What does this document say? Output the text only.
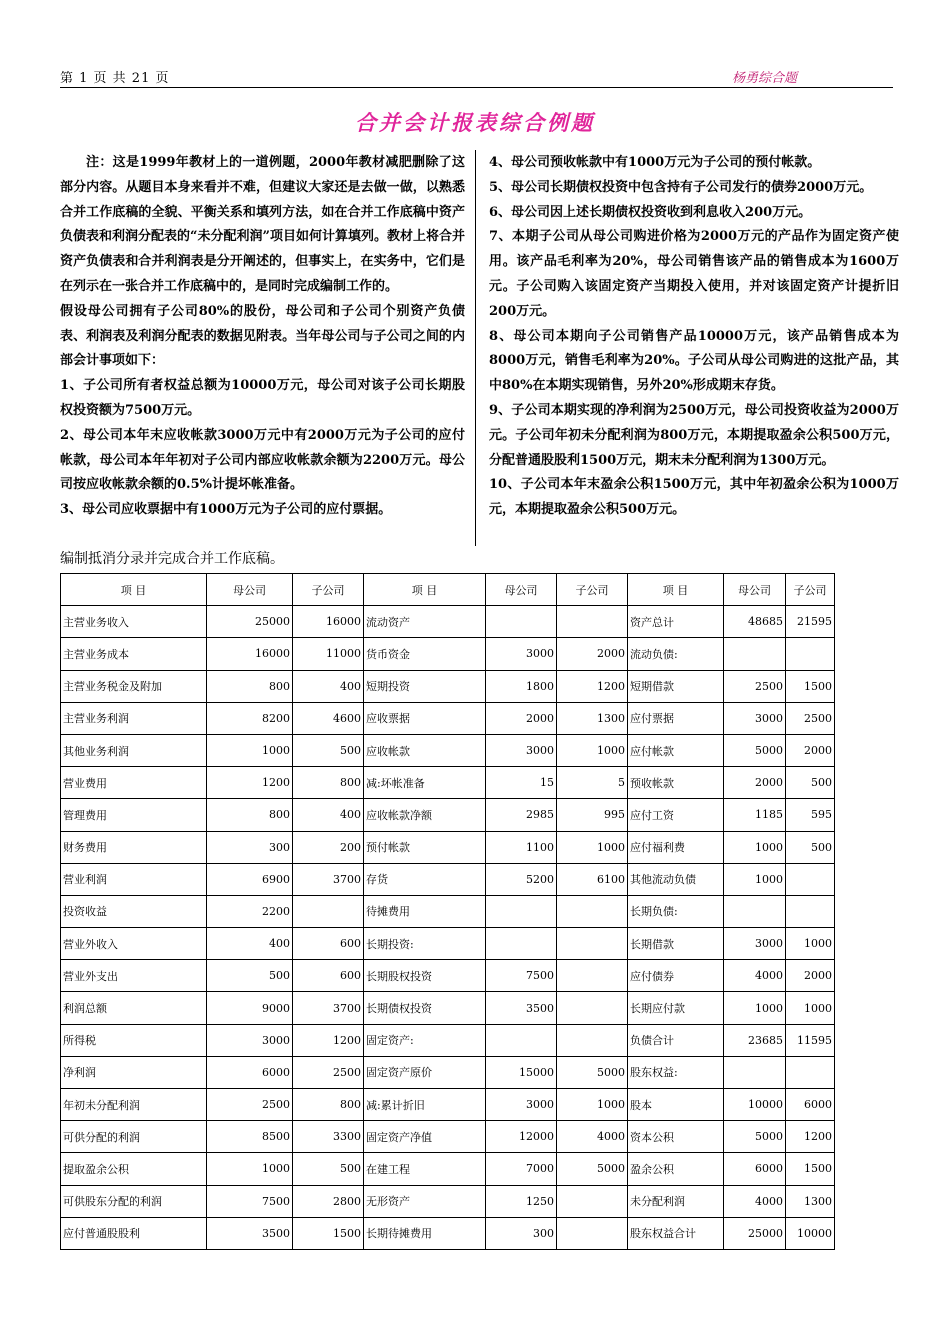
第 1 页 共 21 页	杨勇综合题
合并会计报表综合例题

注：这是1999年教材上的一道例题，2000年教材减肥删除了这部分内容。从题目本身来看并不难，但建议大家还是去做一做，以熟悉合并工作底稿的全貌、平衡关系和填列方法，如在合并工作底稿中资产负债表和利润分配表的“未分配利润”项目如何计算填列。教材上将合并资产负债表和合并利润表是分开阐述的，但事实上，在实务中，它们是在列示在一张合并工作底稿中的，是同时完成编制工作的。

假设母公司拥有子公司80%的股份，母公司和子公司个别资产负债表、利润表及利润分配表的数据见附表。当年母公司与子公司之间的内部会计事项如下：

1、子公司所有者权益总额为10000万元，母公司对该子公司长期股权投资额为7500万元。

2、母公司本年末应收帐款3000万元中有2000万元为子公司的应付帐款，母公司本年年初对子公司内部应收帐款余额为2200万元。母公司按应收帐款余额的0.5%计提坏帐准备。

3、母公司应收票据中有1000万元为子公司的应付票据。

4、母公司预收帐款中有1000万元为子公司的预付帐款。

5、母公司长期债权投资中包含持有子公司发行的债券2000万元。

6、母公司因上述长期债权投资收到利息收入200万元。

7、本期子公司从母公司购进价格为2000万元的产品作为固定资产使用。该产品毛利率为20%，母公司销售该产品的销售成本为1600万元。子公司购入该固定资产当期投入使用，并对该固定资产计提折旧200万元。

8、母公司本期向子公司销售产品10000万元，该产品销售成本为8000万元，销售毛利率为20%。子公司从母公司购进的这批产品，其中80%在本期实现销售，另外20%形成期末存货。

9、子公司本期实现的净利润为2500万元，母公司投资收益为2000万元。子公司年初未分配利润为800万元，本期提取盈余公积500万元，分配普通股股利1500万元，期末未分配利润为1300万元。

10、子公司本年末盈余公积1500万元，其中年初盈余公积为1000万元，本期提取盈余公积500万元。

编制抵消分录并完成合并工作底稿。
项 目	母公司	子公司	项 目	母公司	子公司	项 目	母公司	子公司
主营业务收入	25000	16000	流动资产			资产总计	48685	21595
主营业务成本	16000	11000	货币资金	3000	2000	流动负债:		
主营业务税金及附加	800	400	短期投资	1800	1200	短期借款	2500	1500
主营业务利润	8200	4600	应收票据	2000	1300	应付票据	3000	2500
其他业务利润	1000	500	应收帐款	3000	1000	应付帐款	5000	2000
营业费用	1200	800	减:坏帐准备	15	5	预收帐款	2000	500
管理费用	800	400	应收帐款净额	2985	995	应付工资	1185	595
财务费用	300	200	预付帐款	1100	1000	应付福利费	1000	500
营业利润	6900	3700	存货	5200	6100	其他流动负债	1000	
投资收益	2200		待摊费用			长期负债:		
营业外收入	400	600	长期投资:			长期借款	3000	1000
营业外支出	500	600	长期股权投资	7500		应付债券	4000	2000
利润总额	9000	3700	长期债权投资	3500		长期应付款	1000	1000
所得税	3000	1200	固定资产:			负债合计	23685	11595
净利润	6000	2500	固定资产原价	15000	5000	股东权益:		
年初未分配利润	2500	800	减:累计折旧	3000	1000	股本	10000	6000
可供分配的利润	8500	3300	固定资产净值	12000	4000	资本公积	5000	1200
提取盈余公积	1000	500	在建工程	7000	5000	盈余公积	6000	1500
可供股东分配的利润	7500	2800	无形资产	1250		未分配利润	4000	1300
应付普通股股利	3500	1500	长期待摊费用	300		股东权益合计	25000	10000
